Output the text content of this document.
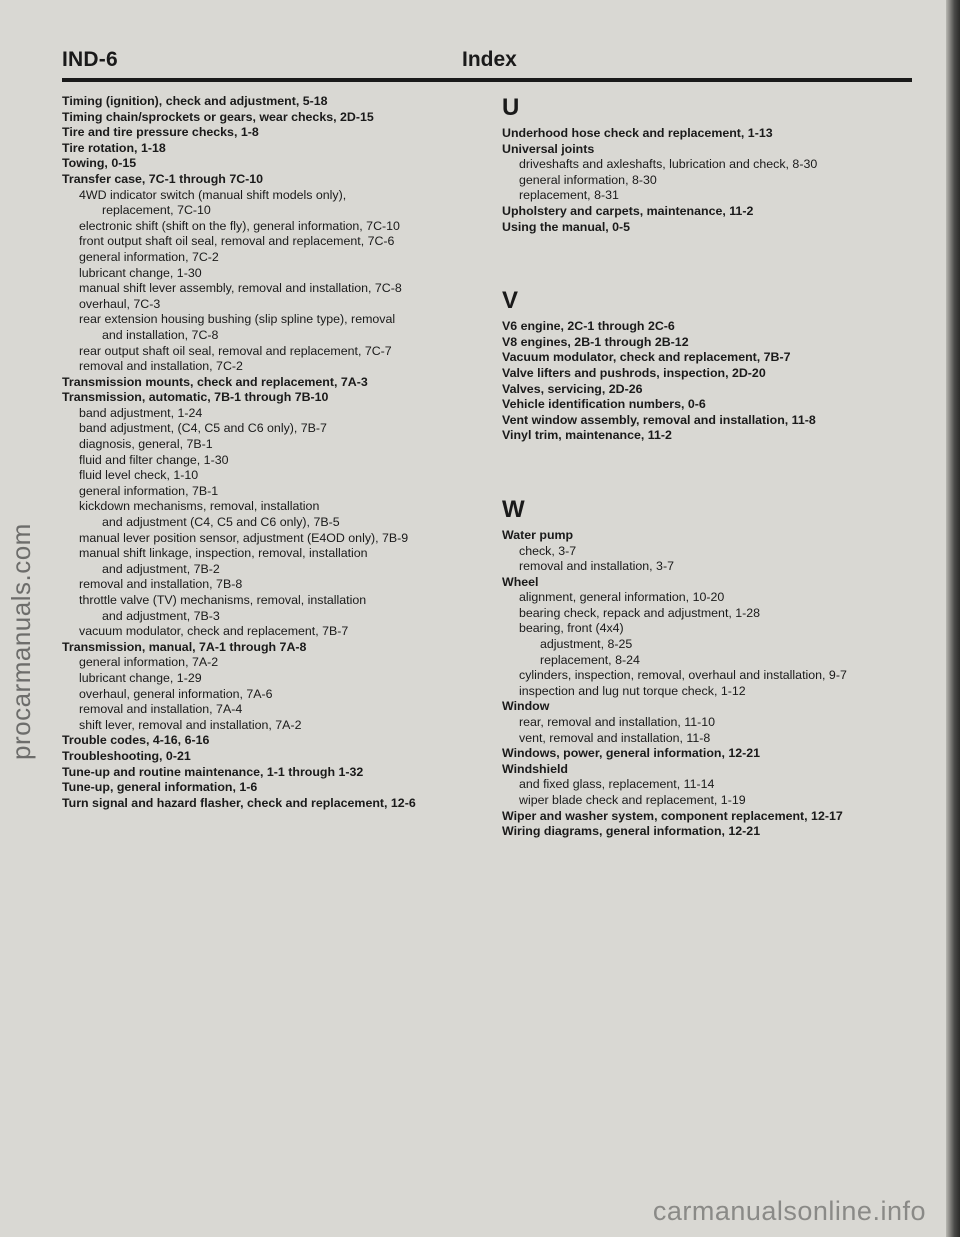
IND-6	Index
Timing (ignition), check and adjustment, 5-18
Timing chain/sprockets or gears, wear checks, 2D-15
Tire and tire pressure checks, 1-8
Tire rotation, 1-18
Towing, 0-15
Transfer case, 7C-1 through 7C-10
4WD indicator switch (manual shift models only),
replacement, 7C-10
electronic shift (shift on the fly), general information, 7C-10
front output shaft oil seal, removal and replacement, 7C-6
general information, 7C-2
lubricant change, 1-30
manual shift lever assembly, removal and installation, 7C-8
overhaul, 7C-3
rear extension housing bushing (slip spline type), removal
and installation, 7C-8
rear output shaft oil seal, removal and replacement, 7C-7
removal and installation, 7C-2
Transmission mounts, check and replacement, 7A-3
Transmission, automatic, 7B-1 through 7B-10
band adjustment, 1-24
band adjustment, (C4, C5 and C6 only), 7B-7
diagnosis, general, 7B-1
fluid and filter change, 1-30
fluid level check, 1-10
general information, 7B-1
kickdown mechanisms, removal, installation
and adjustment (C4, C5 and C6 only), 7B-5
manual lever position sensor, adjustment (E4OD only), 7B-9
manual shift linkage, inspection, removal, installation
and adjustment, 7B-2
removal and installation, 7B-8
throttle valve (TV) mechanisms, removal, installation
and adjustment, 7B-3
vacuum modulator, check and replacement, 7B-7
Transmission, manual, 7A-1 through 7A-8
general information, 7A-2
lubricant change, 1-29
overhaul, general information, 7A-6
removal and installation, 7A-4
shift lever, removal and installation, 7A-2
Trouble codes, 4-16, 6-16
Troubleshooting, 0-21
Tune-up and routine maintenance, 1-1 through 1-32
Tune-up, general information, 1-6
Turn signal and hazard flasher, check and replacement, 12-6
U
Underhood hose check and replacement, 1-13
Universal joints
driveshafts and axleshafts, lubrication and check, 8-30
general information, 8-30
replacement, 8-31
Upholstery and carpets, maintenance, 11-2
Using the manual, 0-5
V
V6 engine, 2C-1 through 2C-6
V8 engines, 2B-1 through 2B-12
Vacuum modulator, check and replacement, 7B-7
Valve lifters and pushrods, inspection, 2D-20
Valves, servicing, 2D-26
Vehicle identification numbers, 0-6
Vent window assembly, removal and installation, 11-8
Vinyl trim, maintenance, 11-2
W
Water pump
check, 3-7
removal and installation, 3-7
Wheel
alignment, general information, 10-20
bearing check, repack and adjustment, 1-28
bearing, front (4x4)
adjustment, 8-25
replacement, 8-24
cylinders, inspection, removal, overhaul and installation, 9-7
inspection and lug nut torque check, 1-12
Window
rear, removal and installation, 11-10
vent, removal and installation, 11-8
Windows, power, general information, 12-21
Windshield
and fixed glass, replacement, 11-14
wiper blade check and replacement, 1-19
Wiper and washer system, component replacement, 12-17
Wiring diagrams, general information, 12-21
procarmanuals.com
carmanualsonline.info
